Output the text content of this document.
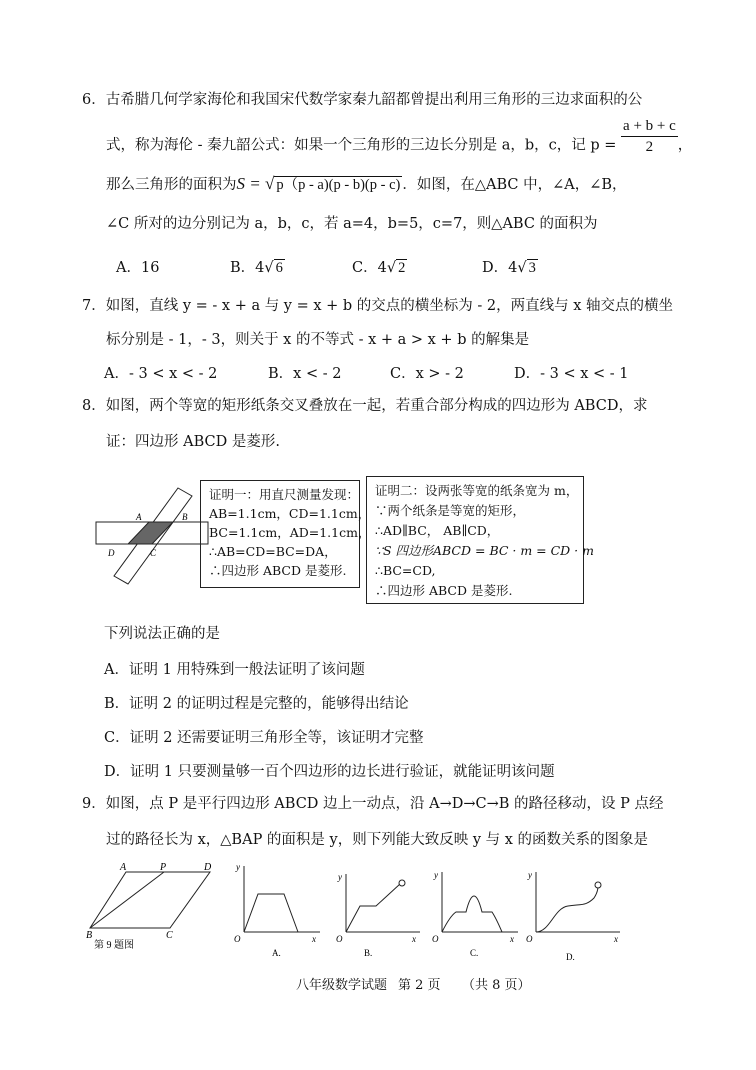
6．古希腊几何学家海伦和我国宋代数学家秦九韶都曾提出利用三角形的三边求面积的公
式，称为海伦 - 秦九韶公式：如果一个三角形的三边长分别是 a，b，c，记 $p = \frac{a + b + c}{2}$ ，
那么三角形的面积为S = √ p（p - a)(p - b)(p - c) ．如图，在△ABC 中，∠A，∠B，
∠C 所对的边分别记为 a，b，c，若 a=4，b=5，c=7，则△ABC 的面积为
A．16	B．4√ 6	C．4√ 2	D．4√ 3
7．如图，直线 y = - x + a 与 y = x + b 的交点的横坐标为 - 2，两直线与 x 轴交点的横坐
标分别是 - 1，- 3，则关于 x 的不等式 - x + a > x + b 的解集是
A．- 3 < x < - 2	B．x < - 2	C．x > - 2	D．- 3 < x < - 1
8．如图，两个等宽的矩形纸条交叉叠放在一起，若重合部分构成的四边形为 ABCD，求
证：四边形 ABCD 是菱形.
A	B
C
D
证明一：用直尺测量发现：
AB=1.1cm，CD=1.1cm，
BC=1.1cm，AD=1.1cm，
∴AB=CD=BC=DA，
∴四边形 ABCD 是菱形.
证明二：设两张等宽的纸条宽为 m，
∵两个纸条是等宽的矩形，
∴AD∥BC， AB∥CD，
∵S 四边形ABCD = BC · m = CD · m
∴BC=CD,
∴四边形 ABCD 是菱形.
下列说法正确的是
A．证明 1 用特殊到一般法证明了该问题
B．证明 2 的证明过程是完整的，能够得出结论
C．证明 2 还需要证明三角形全等，该证明才完整
D．证明 1 只要测量够一百个四边形的边长进行验证，就能证明该问题
9．如图，点 P 是平行四边形 ABCD 边上一动点，沿 A→D→C→B 的路径移动，设 P 点经
过的路径长为 x，△BAP 的面积是 y，则下列能大致反映 y 与 x 的函数关系的图象是
A	P	D
B	C
第 9 题图
y
x
O
A.
y
x
O
B.
y
x
O
C.
y
x
O
D.
八年级数学试题 第 2 页 （共 8 页）
